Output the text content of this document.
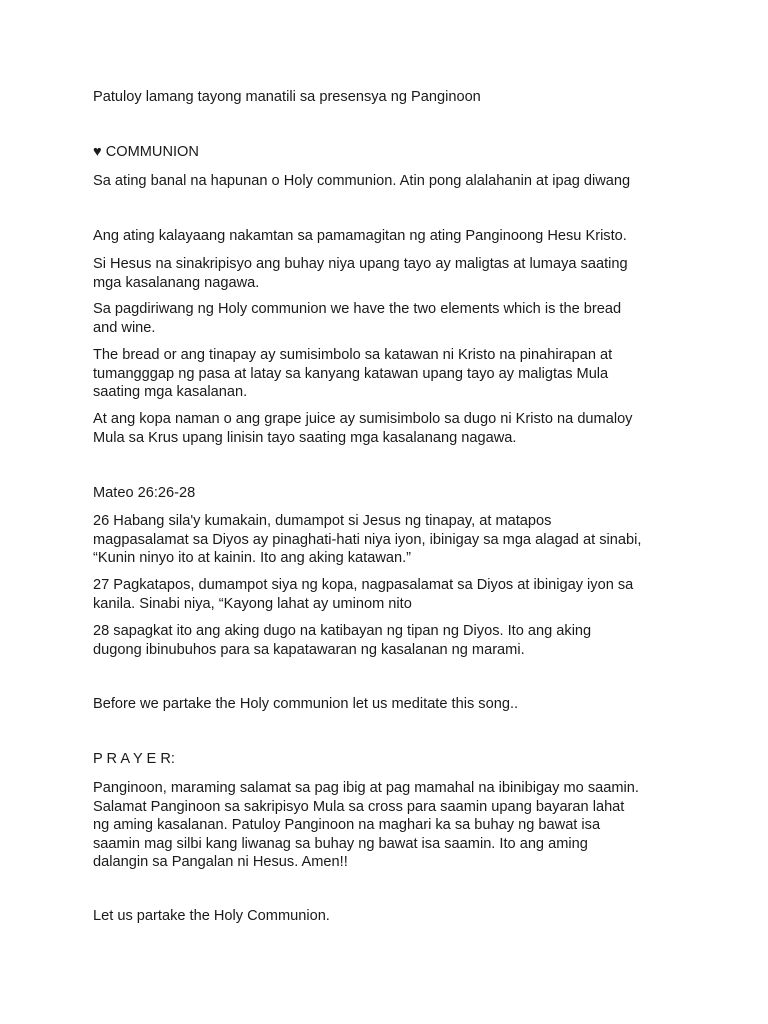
Patuloy lamang tayong manatili sa presensya ng Panginoon

♥ COMMUNION

Sa ating banal na hapunan o Holy communion. Atin pong alalahanin at ipag diwang

Ang ating kalayaang nakamtan sa pamamagitan ng ating Panginoong Hesu Kristo.

Si Hesus na sinakripisyo ang buhay niya upang tayo ay maligtas at lumaya saating
mga kasalanang nagawa.

Sa pagdiriwang ng Holy communion we have the two elements which is the bread
and wine.

The bread or ang tinapay ay sumisimbolo sa katawan ni Kristo na pinahirapan at
tumangggap ng pasa at latay sa kanyang katawan upang tayo ay maligtas Mula
saating mga kasalanan.

At ang kopa naman o ang grape juice ay sumisimbolo sa dugo ni Kristo na dumaloy
Mula sa Krus upang linisin tayo saating mga kasalanang nagawa.

Mateo 26:26-28

26 Habang sila'y kumakain, dumampot si Jesus ng tinapay, at matapos
magpasalamat sa Diyos ay pinaghati-hati niya iyon, ibinigay sa mga alagad at sinabi,
“Kunin ninyo ito at kainin. Ito ang aking katawan.”

27 Pagkatapos, dumampot siya ng kopa, nagpasalamat sa Diyos at ibinigay iyon sa
kanila. Sinabi niya, “Kayong lahat ay uminom nito

28 sapagkat ito ang aking dugo na katibayan ng tipan ng Diyos. Ito ang aking
dugong ibinubuhos para sa kapatawaran ng kasalanan ng marami.

Before we partake the Holy communion let us meditate this song..

P R A Y E R:

Panginoon, maraming salamat sa pag ibig at pag mamahal na ibinibigay mo saamin.
Salamat Panginoon sa sakripisyo Mula sa cross para saamin upang bayaran lahat
ng aming kasalanan. Patuloy Panginoon na maghari ka sa buhay ng bawat isa
saamin mag silbi kang liwanag sa buhay ng bawat isa saamin. Ito ang aming
dalangin sa Pangalan ni Hesus. Amen!!

Let us partake the Holy Communion.
